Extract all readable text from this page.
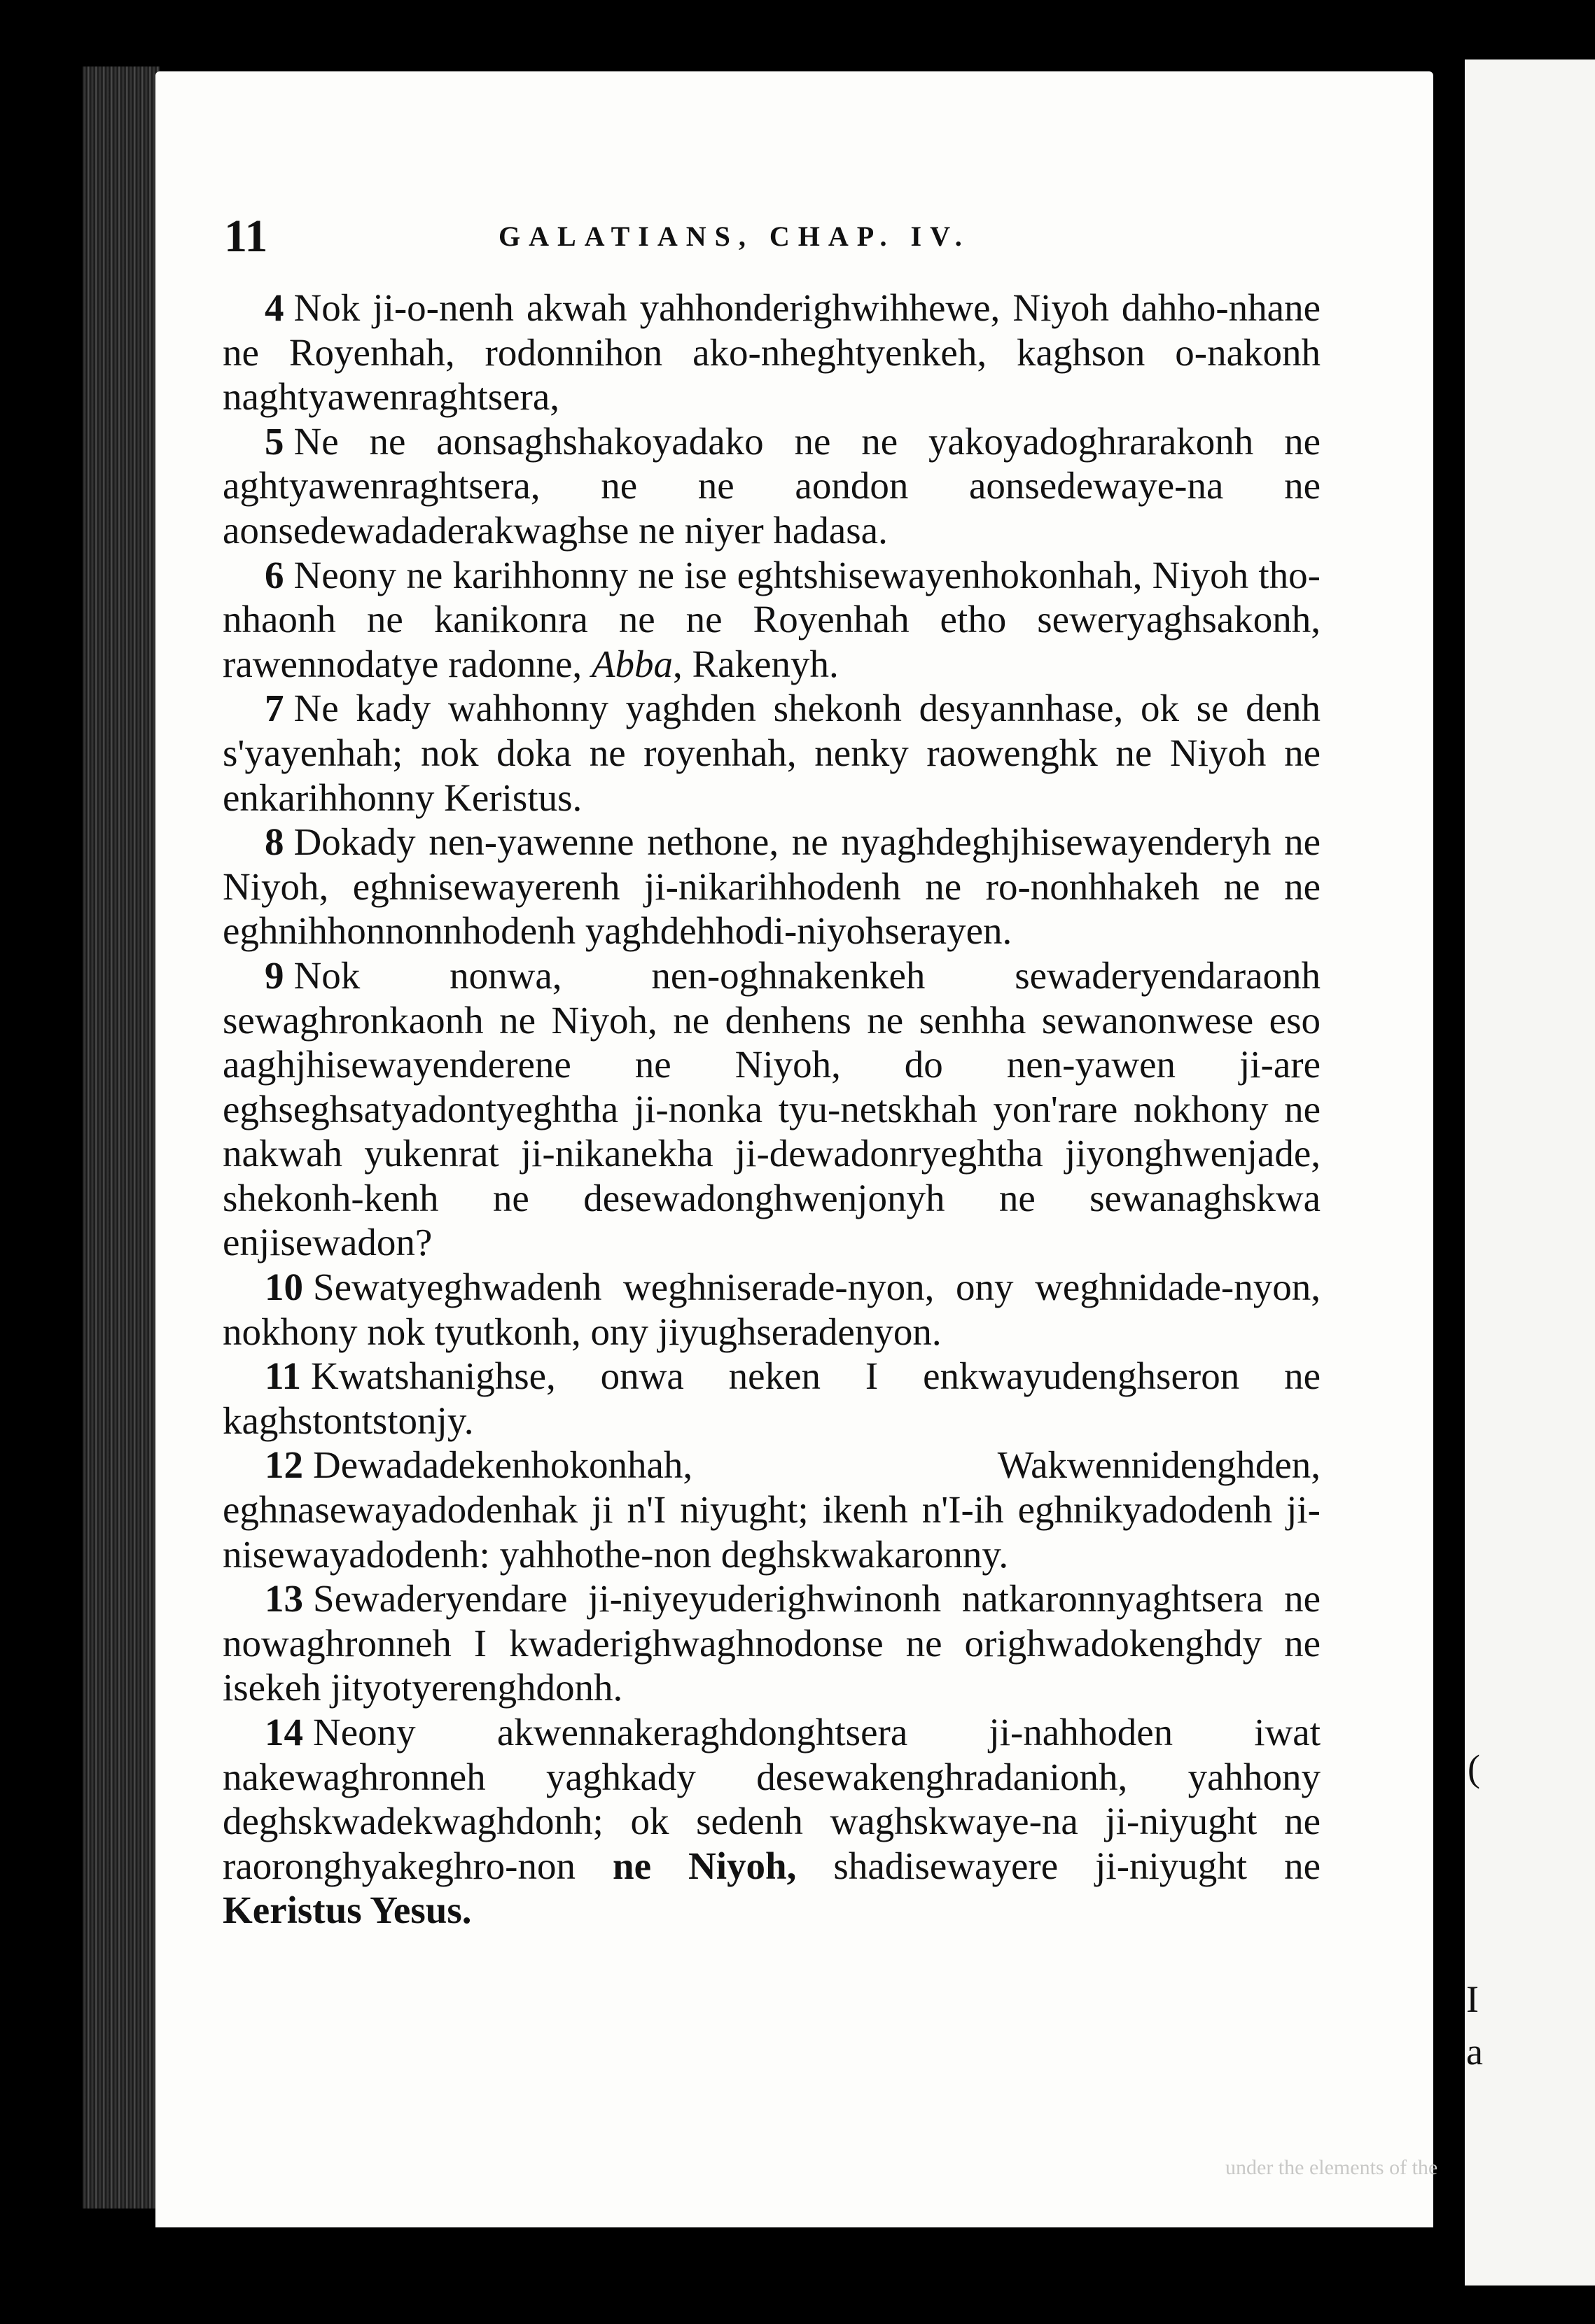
(
I
a
11	GALATIANS, CHAP. IV.

4 Nok ji-o-nenh akwah yahhonderighwihhewe, Niyoh dahho-nhane ne Royenhah, rodonnihon ako-nheghtyenkeh, kaghson o-nakonh naghtyawenraghtsera,

5 Ne ne aonsaghshakoyadako ne ne yakoyadoghrarakonh ne aghtyawenraghtsera, ne ne aondon aonsedewaye-na ne aonsedewadaderakwaghse ne niyer hadasa.

6 Neony ne karihhonny ne ise eghtshisewayenhokonhah, Niyoh tho-nhaonh ne kanikonra ne ne Royenhah etho seweryaghsakonh, rawennodatye radonne, Abba, Rakenyh.

7 Ne kady wahhonny yaghden shekonh desyannhase, ok se denh s'yayenhah; nok doka ne royenhah, nenky raowenghk ne Niyoh ne enkarihhonny Keristus.

8 Dokady nen-yawenne nethone, ne nyaghdeghjhisewayenderyh ne Niyoh, eghnisewayerenh ji-nikarihhodenh ne ro-nonhhakeh ne ne eghnihhonnonnhodenh yaghdehhodi-niyohserayen.

9 Nok nonwa, nen-oghnakenkeh sewaderyendaraonh sewaghronkaonh ne Niyoh, ne denhens ne senhha sewanonwese eso aaghjhisewayenderene ne Niyoh, do nen-yawen ji-are eghseghsatyadontyeghtha ji-nonka tyu-netskhah yon'rare nokhony ne nakwah yukenrat ji-nikanekha ji-dewadonryeghtha jiyonghwenjade, shekonh-kenh ne desewadonghwenjonyh ne sewanaghskwa enjisewadon?

10 Sewatyeghwadenh weghniserade-nyon, ony weghnidade-nyon, nokhony nok tyutkonh, ony jiyughseradenyon.

11 Kwatshanighse, onwa neken I enkwayudenghseron ne kaghstontstonjy.

12 Dewadadekenhokonhah, Wakwennidenghden, eghnasewayadodenhak ji n'I niyught; ikenh n'I-ih eghnikyadodenh ji-nisewayadodenh: yahhothe-non deghskwakaronny.

13 Sewaderyendare ji-niyeyuderighwinonh natkaronnyaghtsera ne nowaghronneh I kwaderighwaghnodonse ne orighwadokenghdy ne isekeh jityotyerenghdonh.

14 Neony akwennakeraghdonghtsera ji-nahhoden iwat nakewaghronneh yaghkady desewakenghradanionh, yahhony deghskwadekwaghdonh; ok sedenh waghskwaye-na ji-niyught ne raoronghyakeghro-non ne Niyoh, shadisewayere ji-niyught ne Keristus Yesus.

under the elements of the
